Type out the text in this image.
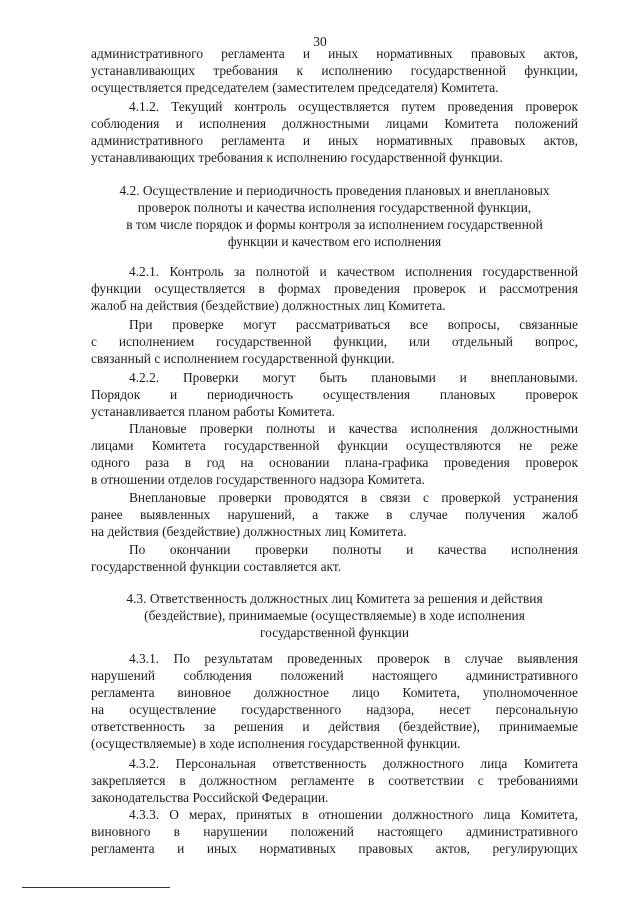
30
административного регламента и иных нормативных правовых актов,
устанавливающих требования к исполнению государственной функции,
осуществляется председателем (заместителем председателя) Комитета.
4.1.2. Текущий контроль осуществляется путем проведения проверок
соблюдения и исполнения должностными лицами Комитета положений
административного регламента и иных нормативных правовых актов,
устанавливающих требования к исполнению государственной функции.
4.2. Осуществление и периодичность проведения плановых и внеплановых
проверок полноты и качества исполнения государственной функции,
в том числе порядок и формы контроля за исполнением государственной
функции и качеством его исполнения
4.2.1. Контроль за полнотой и качеством исполнения государственной
функции осуществляется в формах проведения проверок и рассмотрения
жалоб на действия (бездействие) должностных лиц Комитета.
При проверке могут рассматриваться все вопросы, связанные
с исполнением государственной функции, или отдельный вопрос,
связанный с исполнением государственной функции.
4.2.2. Проверки могут быть плановыми и внеплановыми.
Порядок и периодичность осуществления плановых проверок
устанавливается планом работы Комитета.
Плановые проверки полноты и качества исполнения должностными
лицами Комитета государственной функции осуществляются не реже
одного раза в год на основании плана-графика проведения проверок
в отношении отделов государственного надзора Комитета.
Внеплановые проверки проводятся в связи с проверкой устранения
ранее выявленных нарушений, а также в случае получения жалоб
на действия (бездействие) должностных лиц Комитета.
По окончании проверки полноты и качества исполнения
государственной функции составляется акт.
4.3. Ответственность должностных лиц Комитета за решения и действия
(бездействие), принимаемые (осуществляемые) в ходе исполнения
государственной функции
4.3.1. По результатам проведенных проверок в случае выявления
нарушений соблюдения положений настоящего административного
регламента виновное должностное лицо Комитета, уполномоченное
на осуществление государственного надзора, несет персональную
ответственность за решения и действия (бездействие), принимаемые
(осуществляемые) в ходе исполнения государственной функции.
4.3.2. Персональная ответственность должностного лица Комитета
закрепляется в должностном регламенте в соответствии с требованиями
законодательства Российской Федерации.
4.3.3. О мерах, принятых в отношении должностного лица Комитета,
виновного в нарушении положений настоящего административного
регламента и иных нормативных правовых актов, регулирующих
